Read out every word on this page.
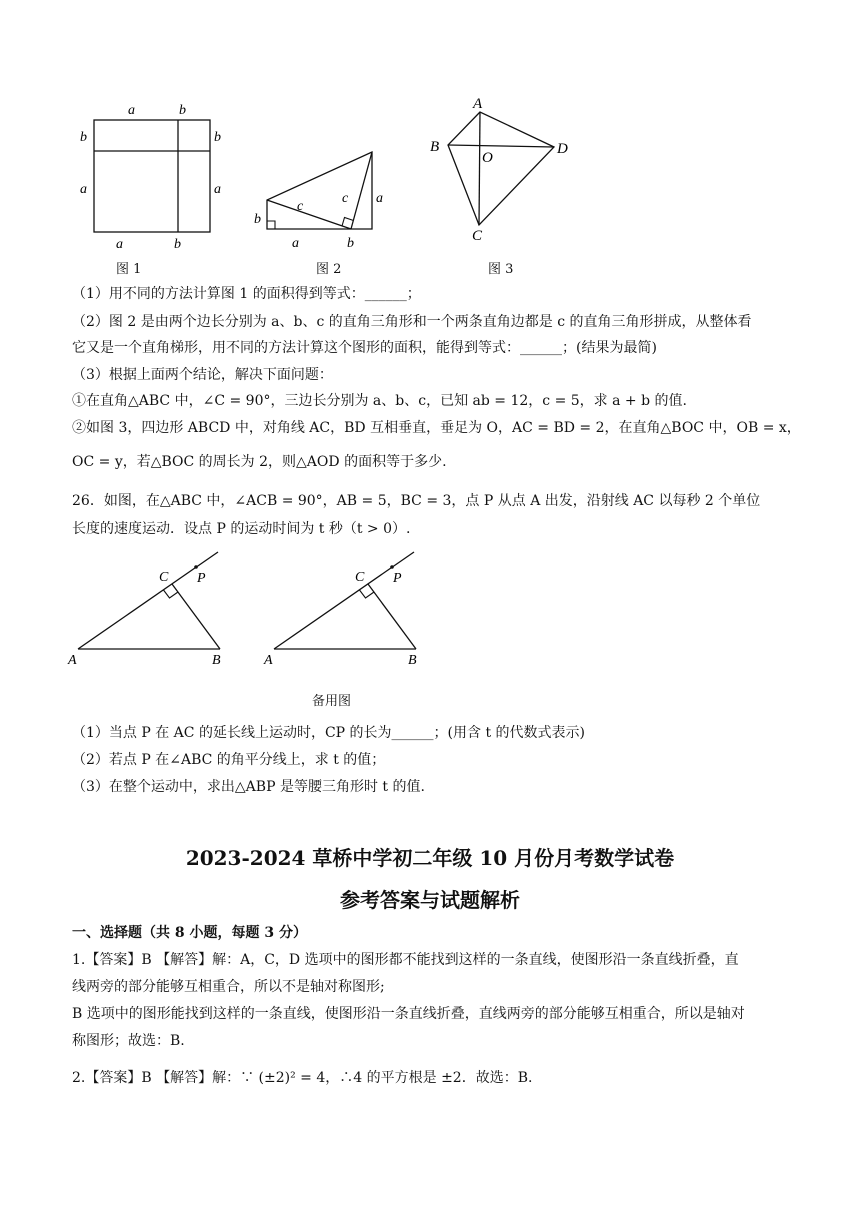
a	b
b
a
b
a
a	b
图 1
b
c
c a
a	b
图 2
A
B
O
D
C
图 3
（1）用不同的方法计算图 1 的面积得到等式：______；
（2）图 2 是由两个边长分别为 a、b、c 的直角三角形和一个两条直角边都是 c 的直角三角形拼成，从整体看
它又是一个直角梯形，用不同的方法计算这个图形的面积，能得到等式：______；(结果为最简)
（3）根据上面两个结论，解决下面问题：
①在直角△ABC 中，∠C = 90°，三边长分别为 a、b、c，已知 ab = 12，c = 5，求 a + b 的值.
②如图 3，四边形 ABCD 中，对角线 AC，BD 互相垂直，垂足为 O，AC = BD = 2，在直角△BOC 中，OB = x，
OC = y，若△BOC 的周长为 2，则△AOD 的面积等于多少.
26．如图，在△ABC 中，∠ACB = 90°，AB = 5，BC = 3，点 P 从点 A 出发，沿射线 AC 以每秒 2 个单位
长度的速度运动．设点 P 的运动时间为 t 秒（t > 0）.
A	B
C P
A	B
C P
备用图
（1）当点 P 在 AC 的延长线上运动时，CP 的长为______；(用含 t 的代数式表示)
（2）若点 P 在∠ABC 的角平分线上，求 t 的值；
（3）在整个运动中，求出△ABP 是等腰三角形时 t 的值.
2023-2024 草桥中学初二年级 10 月份月考数学试卷
参考答案与试题解析
一、选择题（共 8 小题，每题 3 分）
1.【答案】B 【解答】解：A，C，D 选项中的图形都不能找到这样的一条直线，使图形沿一条直线折叠，直
线两旁的部分能够互相重合，所以不是轴对称图形;
B 选项中的图形能找到这样的一条直线，使图形沿一条直线折叠，直线两旁的部分能够互相重合，所以是轴对
称图形；故选：B.
2.【答案】B 【解答】解：∵ (±2)² = 4，∴4 的平方根是 ±2．故选：B.
